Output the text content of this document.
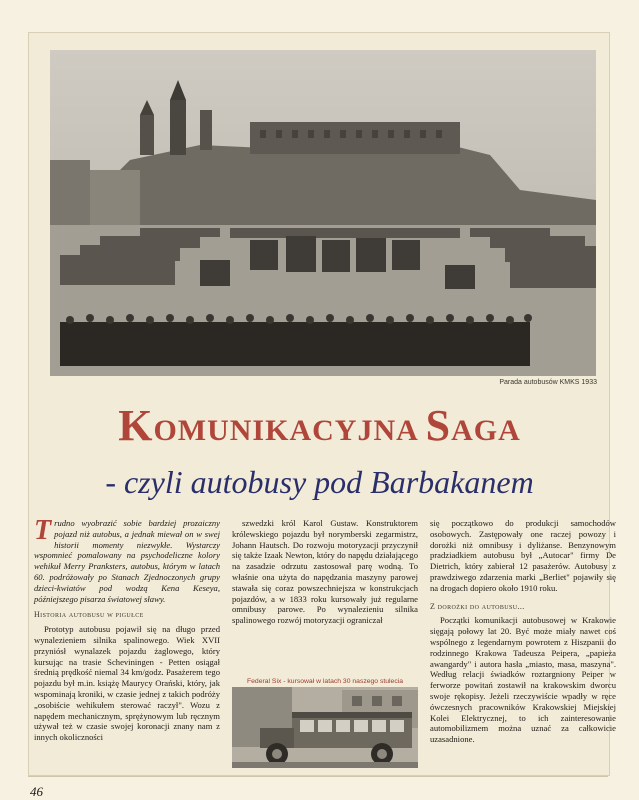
Parada autobusów KMKS 1933
KOMUNIKACYJNA SAGA
- czyli autobusy pod Barbakanem

Trudno wyobrazić sobie bardziej prozaiczny pojazd niż autobus, a jednak miewał on w swej historii momenty niezwykłe. Wystarczy wspomnieć pomalowany na psychodeliczne kolory wehikuł Merry Pranksters, autobus, którym w latach 60. podróżowały po Stanach Zjednoczonych grupy dzieci-kwiatów pod wodzą Kena Keseya, późniejszego pisarza światowej sławy.

Historia autobusu w pigułce

Prototyp autobusu pojawił się na długo przed wynalezieniem silnika spalinowego. Wiek XVII przyniósł wynalazek pojazdu żaglowego, który kursując na trasie Scheviningen - Petten osiągał średnią prędkość niemal 34 km/godz. Pasażerem tego pojazdu był m.in. książę Maurycy Orański, który, jak wspominają kroniki, w czasie jednej z takich podróży „osobiście wehikułem sterować raczył". Wozu z napędem mechanicznym, sprężynowym lub ręcznym używał też w czasie swojej koronacji znany nam z innych okoliczności

szwedzki król Karol Gustaw. Konstruktorem królewskiego pojazdu był norymberski zegarmistrz, Johann Hautsch. Do rozwoju motoryzacji przyczynił się także Izaak Newton, który do napędu działającego na zasadzie odrzutu zastosował parę wodną. To właśnie ona użyta do napędzania maszyny parowej stawała się coraz powszechniejsza w konstrukcjach pojazdów, a w 1833 roku kursowały już regularne omnibusy parowe. Po wynalezieniu silnika spalinowego rozwój motoryzacji ograniczał

Federal Six - kursował w latach 30 naszego stulecia

się początkowo do produkcji samochodów osobowych. Zastępowały one raczej powozy i dorożki niż omnibusy i dyliżanse. Benzynowym pradziadkiem autobusu był „Autocar" firmy De Dietrich, który zabierał 12 pasażerów. Autobusy z prawdziwego zdarzenia marki „Berliet" pojawiły się na drogach dopiero około 1910 roku.

Z dorożki do autobusu...

Początki komunikacji autobusowej w Krakowie sięgają połowy lat 20. Być może miały nawet coś wspólnego z legendarnym powrotem z Hiszpanii do rodzinnego Krakowa Tadeusza Peipera, „papieża awangardy" i autora hasła „miasto, masa, maszyna". Według relacji świadków roztargniony Peiper w ferworze powitań zostawił na krakowskim dworcu swoje rękopisy. Jeżeli rzeczywiście wpadły w ręce ówczesnych pracowników Krakowskiej Miejskiej Kolei Elektrycznej, to ich zainteresowanie automobilizmem można uznać za całkowicie uzasadnione.

46
